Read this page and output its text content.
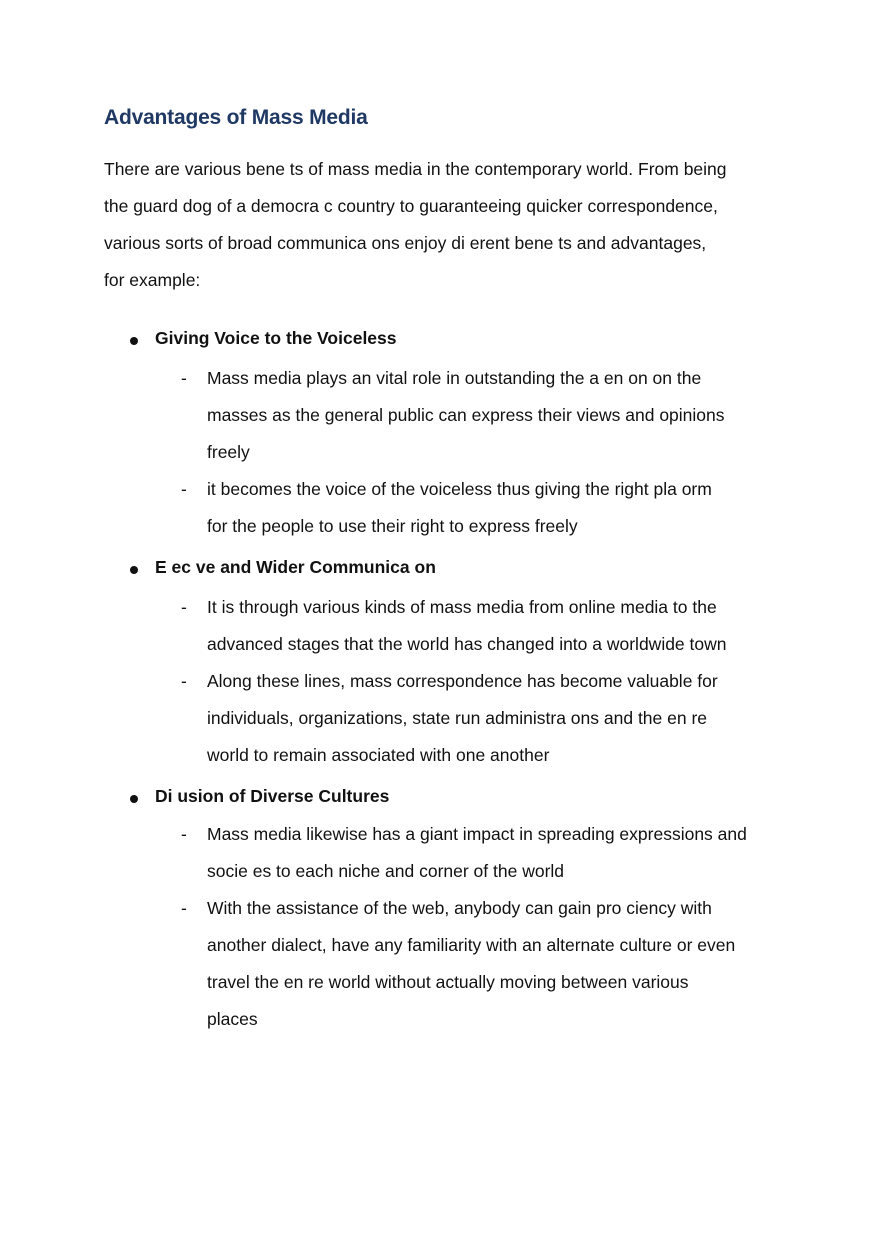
Advantages of Mass Media
There are various bene ts of mass media in the contemporary world. From being
the guard dog of a democra c country to guaranteeing quicker correspondence,
various sorts of broad communica ons enjoy di erent bene ts and advantages,
for example:
Giving Voice to the Voiceless
- Mass media plays an vital role in outstanding the a en on on the
masses as the general public can express their views and opinions
freely
- it becomes the voice of the voiceless thus giving the right pla orm
for the people to use their right to express freely
E ec ve and Wider Communica on
- It is through various kinds of mass media from online media to the
advanced stages that the world has changed into a worldwide town
- Along these lines, mass correspondence has become valuable for
individuals, organizations, state run administra ons and the en re
world to remain associated with one another
Di usion of Diverse Cultures
- Mass media likewise has a giant impact in spreading expressions and
socie es to each niche and corner of the world
- With the assistance of the web, anybody can gain pro ciency with
another dialect, have any familiarity with an alternate culture or even
travel the en re world without actually moving between various
places
